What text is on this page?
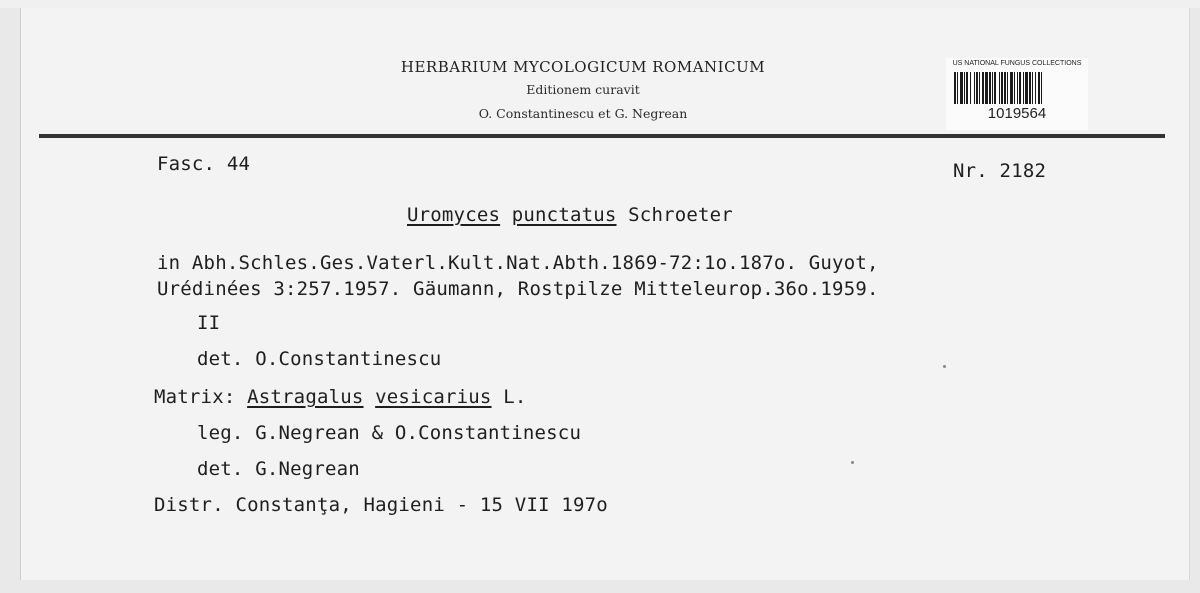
HERBARIUM MYCOLOGICUM ROMANICUM
Editionem curavit
O. Constantinescu et G. Negrean
US NATIONAL FUNGUS COLLECTIONS
1019564
Fasc. 44	Nr. 2182
Uromyces punctatus Schroeter
in Abh.Schles.Ges.Vaterl.Kult.Nat.Abth.1869-72:1o.187o. Guyot,
Urédinées 3:257.1957. Gäumann, Rostpilze Mitteleurop.36o.1959.
II
det. O.Constantinescu
Matrix: Astragalus vesicarius L.
leg. G.Negrean & O.Constantinescu
det. G.Negrean
Distr. Constanţa, Hagieni - 15 VII 197o
